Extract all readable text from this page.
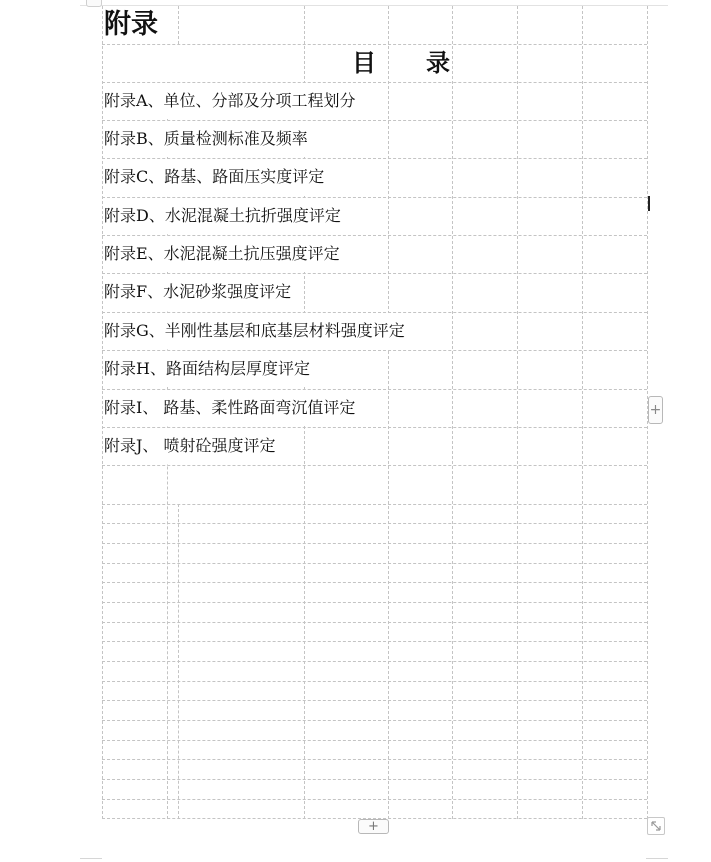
附录
目 录
附录A、单位、分部及分项工程划分
附录B、质量检测标准及频率
附录C、路基、路面压实度评定
附录D、水泥混凝土抗折强度评定
附录E、水泥混凝土抗压强度评定
附录F、水泥砂浆强度评定
附录G、半刚性基层和底基层材料强度评定
附录H、路面结构层厚度评定
附录I、 路基、柔性路面弯沉值评定
附录J、 喷射砼强度评定
+
+
